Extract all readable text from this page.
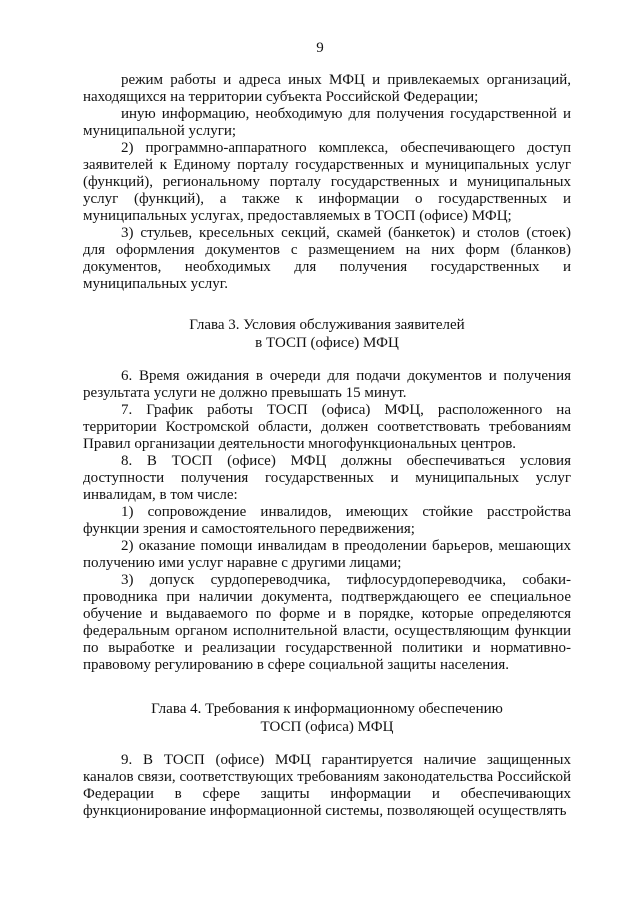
9

режим работы и адреса иных МФЦ и привлекаемых организаций, находящихся на территории субъекта Российской Федерации;

иную информацию, необходимую для получения государственной и муниципальной услуги;

2) программно-аппаратного комплекса, обеспечивающего доступ заявителей к Единому порталу государственных и муниципальных услуг (функций), региональному порталу государственных и муниципальных услуг (функций), а также к информации о государственных и муниципальных услугах, предоставляемых в ТОСП (офисе) МФЦ;

3) стульев, кресельных секций, скамей (банкеток) и столов (стоек) для оформления документов с размещением на них форм (бланков) документов, необходимых для получения государственных и муниципальных услуг.

Глава 3. Условия обслуживания заявителей
в ТОСП (офисе) МФЦ

6. Время ожидания в очереди для подачи документов и получения результата услуги не должно превышать 15 минут.

7. График работы ТОСП (офиса) МФЦ, расположенного на территории Костромской области, должен соответствовать требованиям Правил организации деятельности многофункциональных центров.

8. В ТОСП (офисе) МФЦ должны обеспечиваться условия доступности получения государственных и муниципальных услуг инвалидам, в том числе:

1) сопровождение инвалидов, имеющих стойкие расстройства функции зрения и самостоятельного передвижения;

2) оказание помощи инвалидам в преодолении барьеров, мешающих получению ими услуг наравне с другими лицами;

3) допуск сурдопереводчика, тифлосурдопереводчика, собаки-проводника при наличии документа, подтверждающего ее специальное обучение и выдаваемого по форме и в порядке, которые определяются федеральным органом исполнительной власти, осуществляющим функции по выработке и реализации государственной политики и нормативно-правовому регулированию в сфере социальной защиты населения.

Глава 4. Требования к информационному обеспечению
ТОСП (офиса) МФЦ

9. В ТОСП (офисе) МФЦ гарантируется наличие защищенных каналов связи, соответствующих требованиям законодательства Российской Федерации в сфере защиты информации и обеспечивающих функционирование информационной системы, позволяющей осуществлять
